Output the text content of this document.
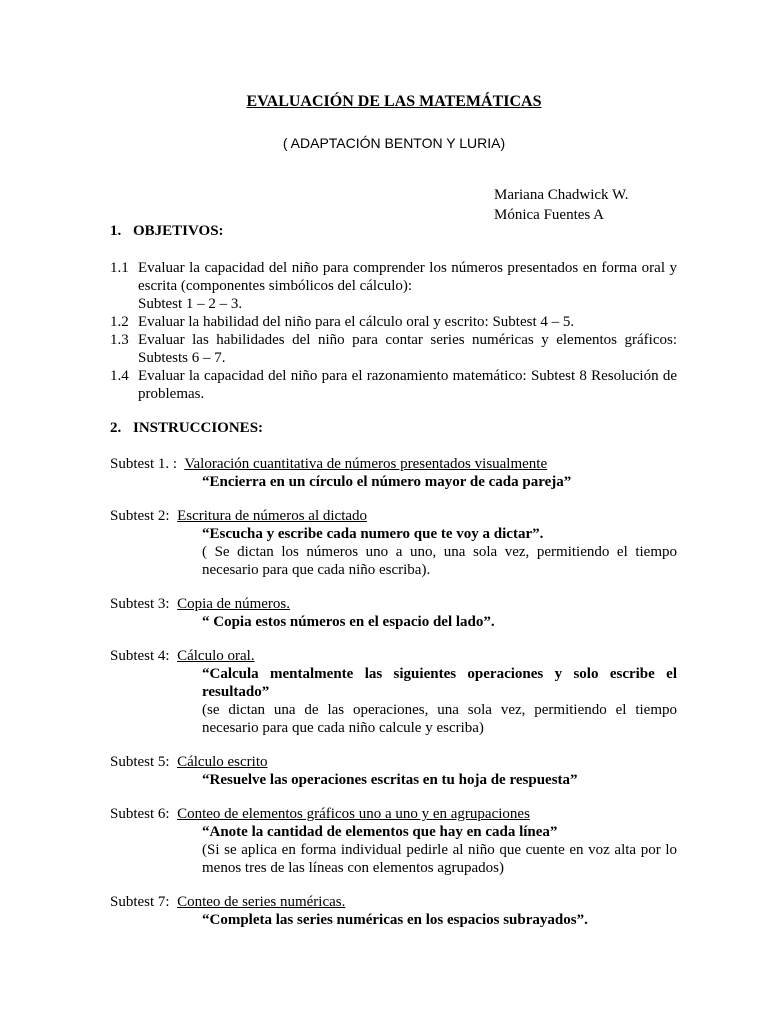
EVALUACIÓN DE LAS MATEMÁTICAS
( ADAPTACIÓN BENTON Y LURIA)
Mariana Chadwick W.
Mónica Fuentes A
1. OBJETIVOS:
1.1 Evaluar la capacidad del niño para comprender los números presentados en forma oral y escrita (componentes simbólicos del cálculo):
Subtest 1 – 2 – 3.
1.2 Evaluar la habilidad del niño para el cálculo oral y escrito: Subtest 4 – 5.
1.3 Evaluar las habilidades del niño para contar series numéricas y elementos gráficos: Subtests 6 – 7.
1.4 Evaluar la capacidad del niño para el razonamiento matemático: Subtest 8 Resolución de problemas.
2. INSTRUCCIONES:
Subtest 1. : Valoración cuantitativa de números presentados visualmente
“Encierra en un círculo el número mayor de cada pareja”
Subtest 2: Escritura de números al dictado
“Escucha y escribe cada numero que te voy a dictar”.
( Se dictan los números uno a uno, una sola vez, permitiendo el tiempo necesario para que cada niño escriba).
Subtest 3: Copia de números.
“ Copia estos números en el espacio del lado”.
Subtest 4: Cálculo oral.
“Calcula mentalmente las siguientes operaciones y solo escribe el resultado”
(se dictan una de las operaciones, una sola vez, permitiendo el tiempo necesario para que cada niño calcule y escriba)
Subtest 5: Cálculo escrito
“Resuelve las operaciones escritas en tu hoja de respuesta”
Subtest 6: Conteo de elementos gráficos uno a uno y en agrupaciones
“Anote la cantidad de elementos que hay en cada línea”
(Si se aplica en forma individual pedirle al niño que cuente en voz alta por lo menos tres de las líneas con elementos agrupados)
Subtest 7: Conteo de series numéricas.
“Completa las series numéricas en los espacios subrayados”.
